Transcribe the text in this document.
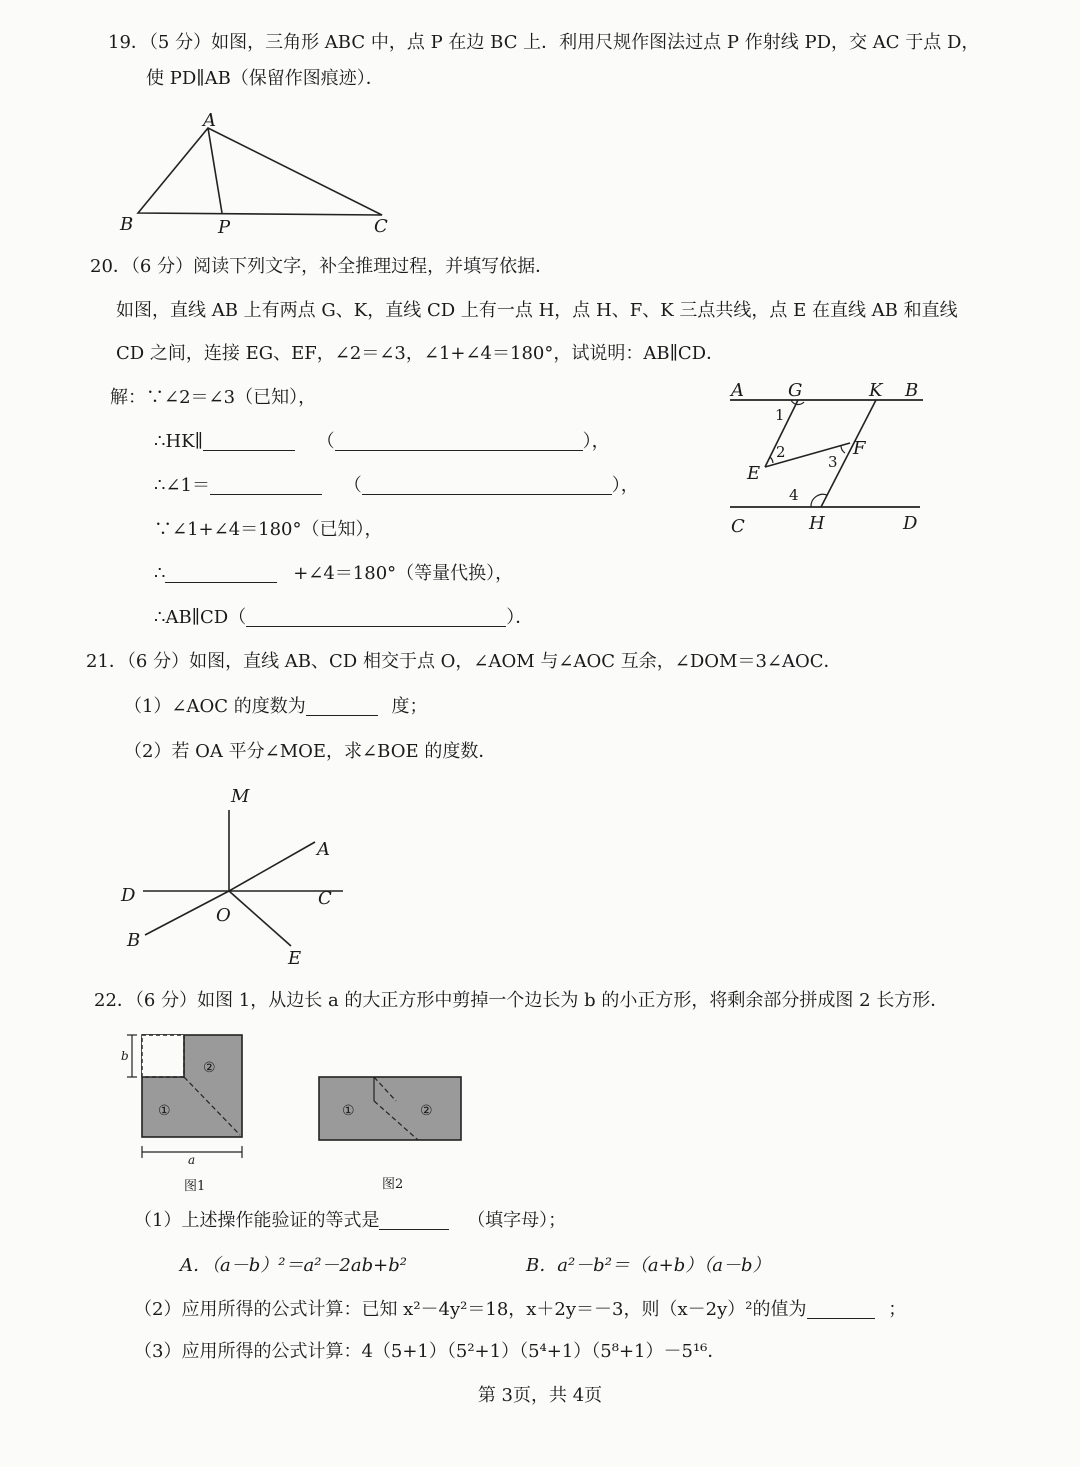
19．（5 分）如图，三角形 ABC 中，点 P 在边 BC 上．利用尺规作图法过点 P 作射线 PD，交 AC 于点 D，
使 PD∥AB（保留作图痕迹）．
A
B	P	C
20．（6 分）阅读下列文字，补全推理过程，并填写依据．
如图，直线 AB 上有两点 G、K，直线 CD 上有一点 H，点 H、F、K 三点共线，点 E 在直线 AB 和直线
CD 之间，连接 EG、EF，∠2＝∠3，∠1+∠4＝180°，试说明：AB∥CD．
解：∵∠2＝∠3（已知），
∴HK∥	（	），
∴∠1＝	（	），
∵∠1+∠4＝180°（已知），
∴	+∠4＝180°（等量代换），
∴AB∥CD（	）．
A G	K B
E
F
C	H	D
1
2
3
4
21．（6 分）如图，直线 AB、CD 相交于点 O，∠AOM 与∠AOC 互余，∠DOM＝3∠AOC．
（1）∠AOC 的度数为	度；
（2）若 OA 平分∠MOE，求∠BOE 的度数．
M
A
D	C
O
B
E
22．（6 分）如图 1，从边长 a 的大正方形中剪掉一个边长为 b 的小正方形，将剩余部分拼成图 2 长方形．
b
a
①
②
图1
①	②
图2
（1）上述操作能验证的等式是	（填字母）；
A．（a－b）²＝a²－2ab+b²	B．a²－b²＝（a+b）（a－b）
（2）应用所得的公式计算：已知 x²－4y²＝18，x＋2y＝－3，则（x－2y）²的值为	；
（3）应用所得的公式计算：4（5+1）（5²+1）（5⁴+1）（5⁸+1）－5¹⁶．
第 3页，共 4页
